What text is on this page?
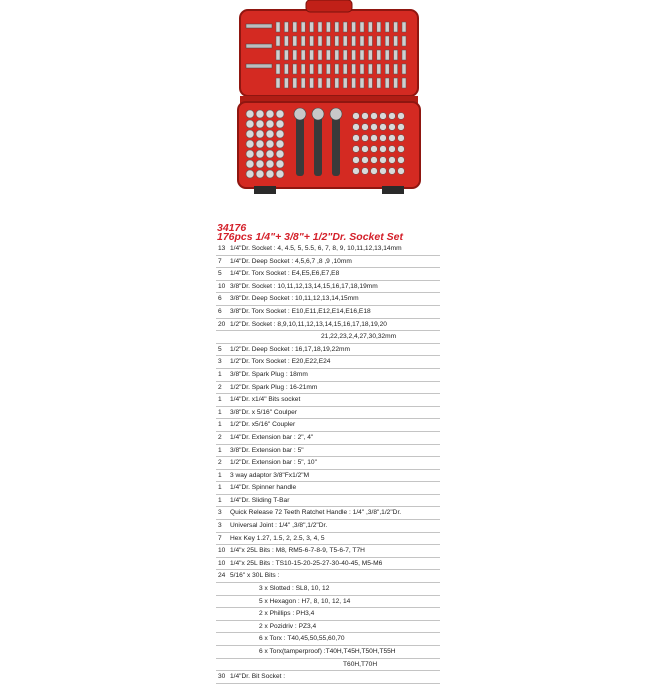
34176
176pcs 1/4"+ 3/8"+ 1/2"Dr. Socket Set
13 1/4"Dr. Socket : 4, 4.5, 5, 5.5, 6, 7, 8, 9, 10,11,12,13,14mm
7 1/4"Dr. Deep Socket : 4,5,6,7 ,8 ,9 ,10mm
5 1/4"Dr. Torx Socket : E4,E5,E6,E7,E8
10 3/8"Dr. Socket : 10,11,12,13,14,15,16,17,18,19mm
6 3/8"Dr. Deep Socket : 10,11,12,13,14,15mm
6 3/8"Dr. Torx Socket : E10,E11,E12,E14,E16,E18
20 1/2"Dr. Socket : 8,9,10,11,12,13,14,15,16,17,18,19,20
21,22,23,2,4,27,30,32mm
5 1/2"Dr. Deep Socket : 16,17,18,19,22mm
3 1/2"Dr. Torx Socket : E20,E22,E24
1 3/8"Dr. Spark Plug : 18mm
2 1/2"Dr. Spark Plug : 16-21mm
1 1/4"Dr. x1/4" Bits socket
1 3/8"Dr. x 5/16" Coulper
1 1/2"Dr. x5/16" Coupler
2 1/4"Dr. Extension bar : 2", 4"
1 3/8"Dr. Extension bar : 5"
2 1/2"Dr. Extension bar : 5", 10"
1 3 way adaptor 3/8"Fx1/2"M
1 1/4"Dr. Spinner handle
1 1/4"Dr. Sliding T-Bar
3 Quick Release 72 Teeth Ratchet Handle : 1/4" ,3/8",1/2"Dr.
3 Universal Joint : 1/4" ,3/8",1/2"Dr.
7 Hex Key 1.27, 1.5, 2, 2.5, 3, 4, 5
10 1/4"x 25L Bits : M8, RM5-6-7-8-9, T5-6-7, T7H
10 1/4"x 25L Bits : TS10-15-20-25-27-30-40-45, M5-M6
24 5/16" x 30L Bits :
3 x Slotted : SL8, 10, 12
5 x Hexagon : H7, 8, 10, 12, 14
2 x Phillips : PH3,4
2 x Pozidriv : PZ3,4
6 x Torx : T40,45,50,55,60,70
6 x Torx(tamperproof) :T40H,T45H,T50H,T55H
T60H,T70H
30 1/4"Dr. Bit Socket :
